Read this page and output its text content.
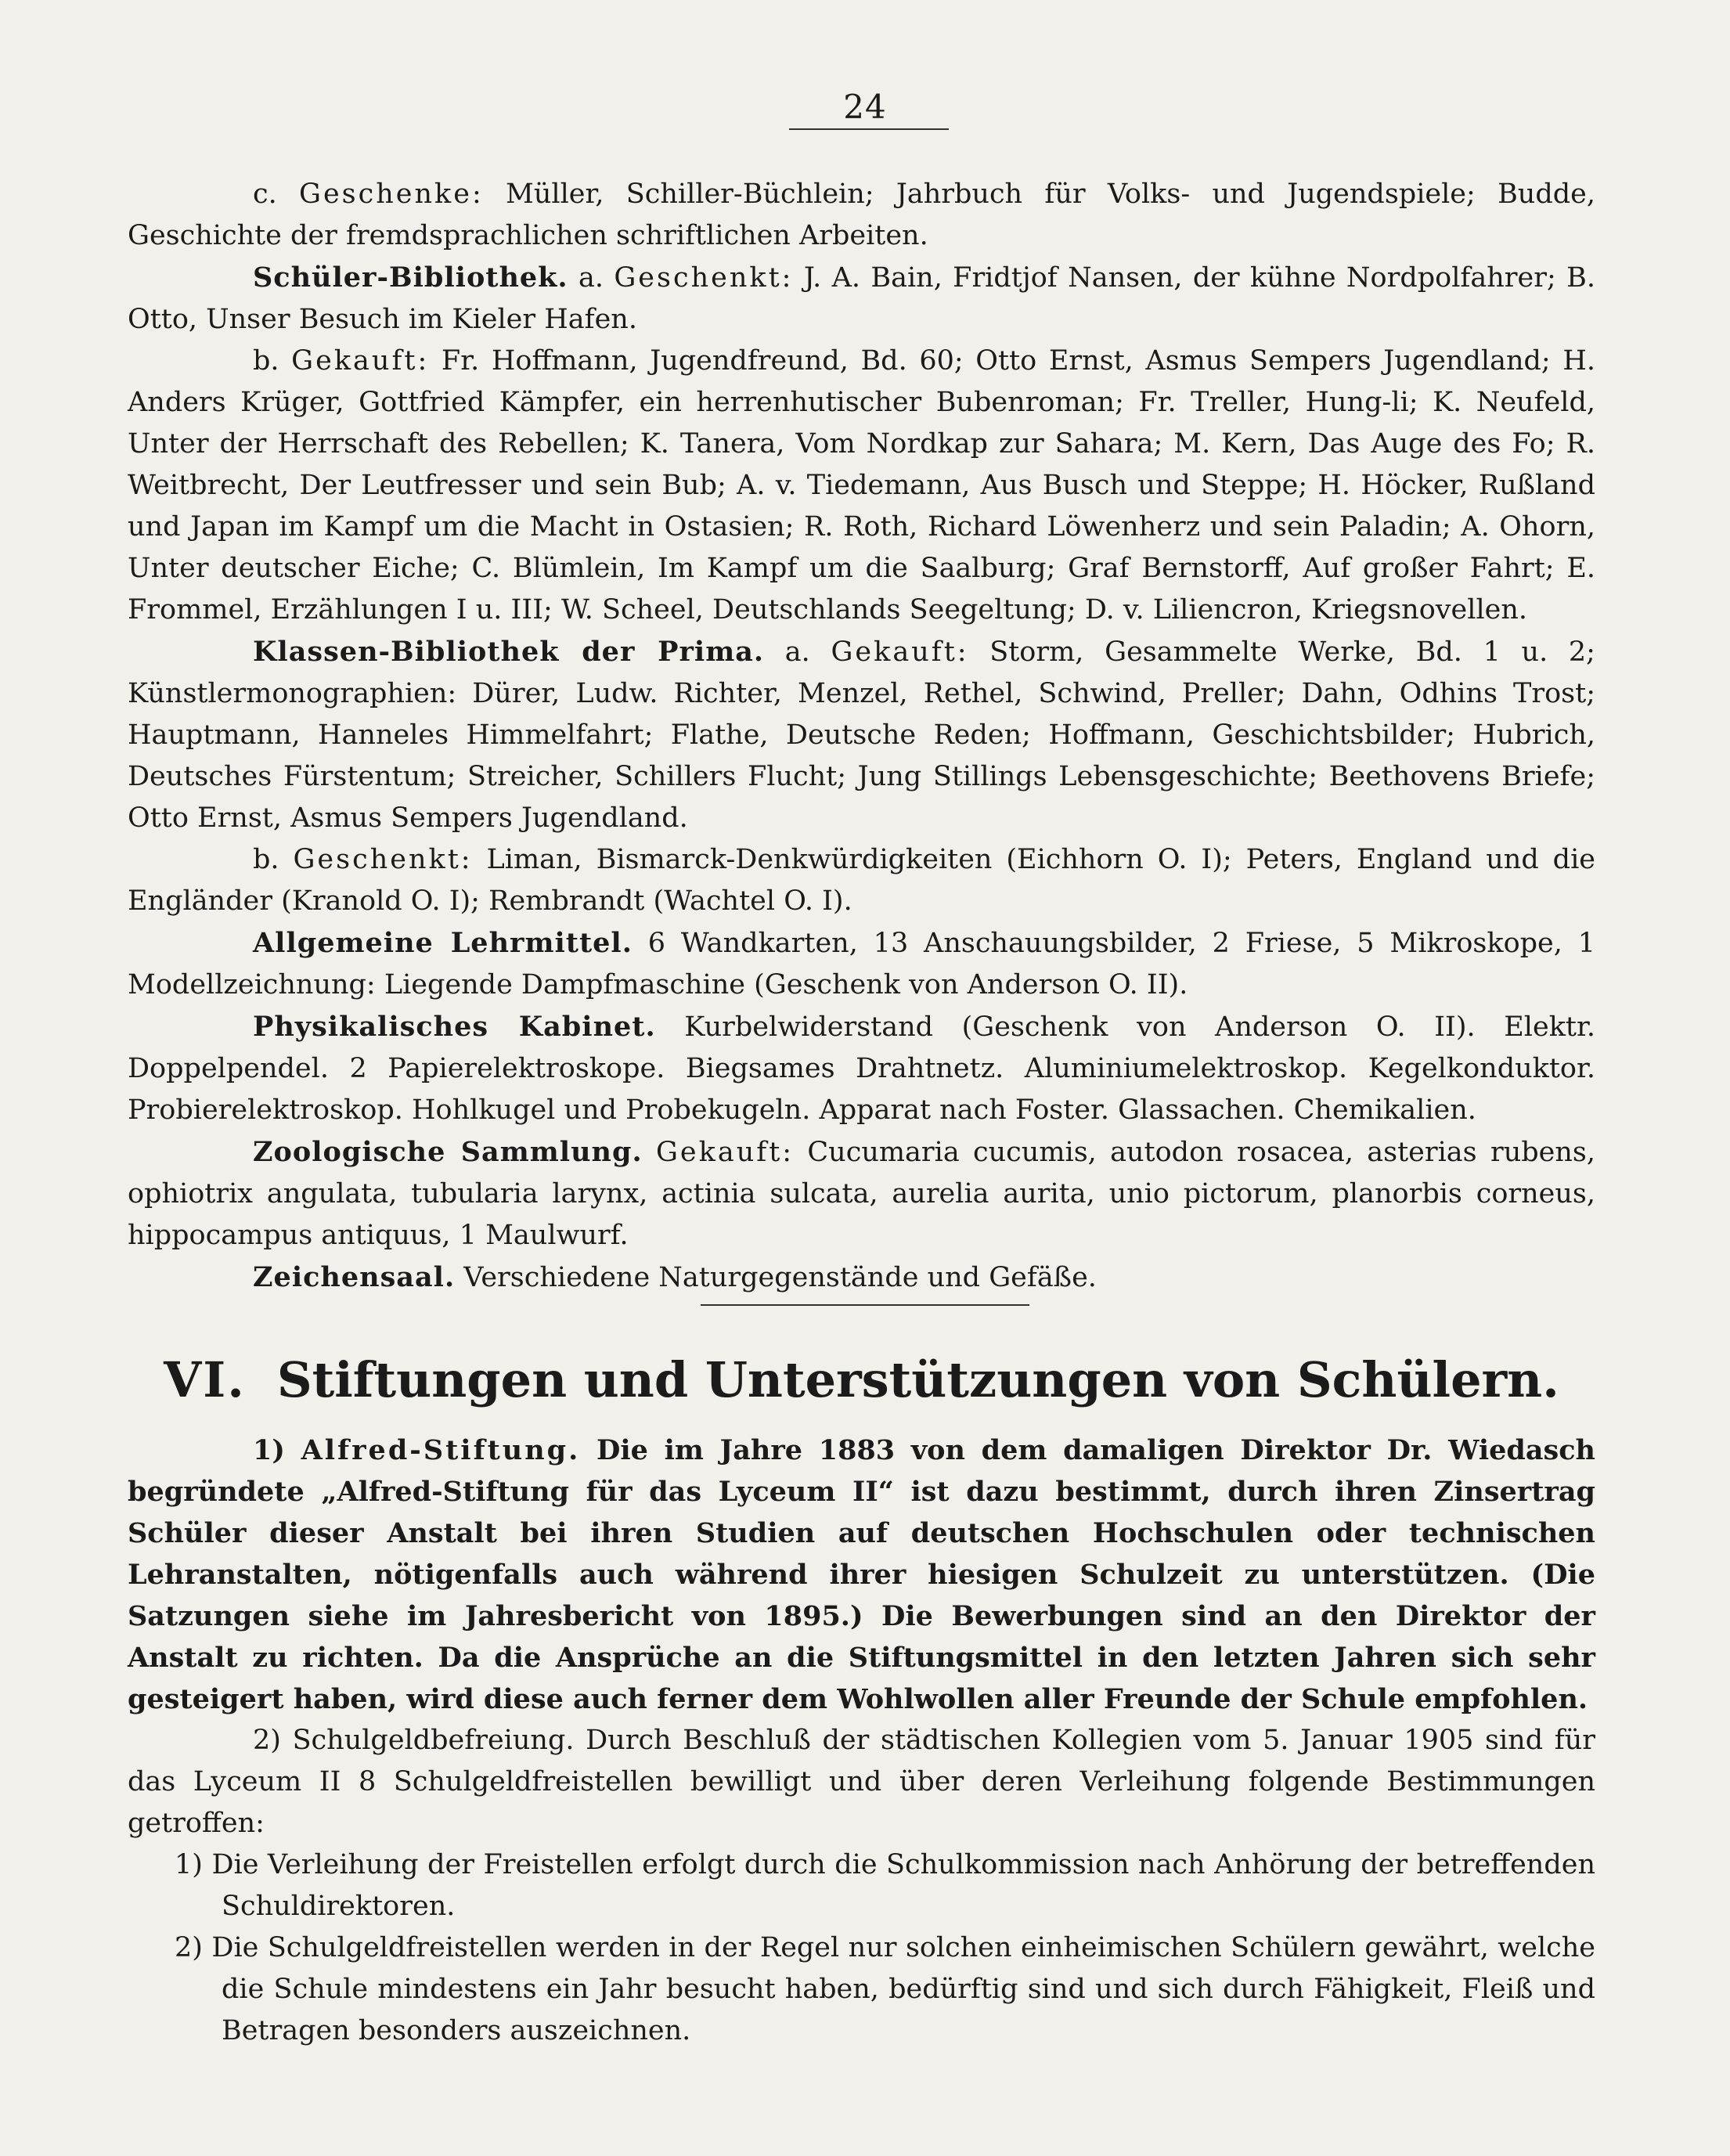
24

c. Geschenke: Müller, Schiller-Büchlein; Jahrbuch für Volks- und Jugendspiele; Budde, Geschichte der fremdsprachlichen schriftlichen Arbeiten.

Schüler-Bibliothek. a. Geschenkt: J. A. Bain, Fridtjof Nansen, der kühne Nordpolfahrer; B. Otto, Unser Besuch im Kieler Hafen.

b. Gekauft: Fr. Hoffmann, Jugendfreund, Bd. 60; Otto Ernst, Asmus Sempers Jugendland; H. Anders Krüger, Gottfried Kämpfer, ein herrenhutischer Bubenroman; Fr. Treller, Hung-li; K. Neufeld, Unter der Herrschaft des Rebellen; K. Tanera, Vom Nordkap zur Sahara; M. Kern, Das Auge des Fo; R. Weitbrecht, Der Leutfresser und sein Bub; A. v. Tiedemann, Aus Busch und Steppe; H. Höcker, Rußland und Japan im Kampf um die Macht in Ostasien; R. Roth, Richard Löwenherz und sein Paladin; A. Ohorn, Unter deutscher Eiche; C. Blümlein, Im Kampf um die Saalburg; Graf Bernstorff, Auf großer Fahrt; E. Frommel, Erzählungen I u. III; W. Scheel, Deutschlands Seegeltung; D. v. Liliencron, Kriegsnovellen.

Klassen-Bibliothek der Prima. a. Gekauft: Storm, Gesammelte Werke, Bd. 1 u. 2; Künstlermonographien: Dürer, Ludw. Richter, Menzel, Rethel, Schwind, Preller; Dahn, Odhins Trost; Hauptmann, Hanneles Himmelfahrt; Flathe, Deutsche Reden; Hoffmann, Geschichtsbilder; Hubrich, Deutsches Fürstentum; Streicher, Schillers Flucht; Jung Stillings Lebensgeschichte; Beethovens Briefe; Otto Ernst, Asmus Sempers Jugendland.

b. Geschenkt: Liman, Bismarck-Denkwürdigkeiten (Eichhorn O. I); Peters, England und die Engländer (Kranold O. I); Rembrandt (Wachtel O. I).

Allgemeine Lehrmittel. 6 Wandkarten, 13 Anschauungsbilder, 2 Friese, 5 Mikroskope, 1 Modellzeichnung: Liegende Dampfmaschine (Geschenk von Anderson O. II).

Physikalisches Kabinet. Kurbelwiderstand (Geschenk von Anderson O. II). Elektr. Doppelpendel. 2 Papierelektroskope. Biegsames Drahtnetz. Aluminiumelektroskop. Kegelkonduktor. Probierelektroskop. Hohlkugel und Probekugeln. Apparat nach Foster. Glassachen. Chemikalien.

Zoologische Sammlung. Gekauft: Cucumaria cucumis, autodon rosacea, asterias rubens, ophiotrix angulata, tubularia larynx, actinia sulcata, aurelia aurita, unio pictorum, planorbis corneus, hippocampus antiquus, 1 Maulwurf.

Zeichensaal. Verschiedene Naturgegenstände und Gefäße.

VI. Stiftungen und Unterstützungen von Schülern.

1) Alfred-Stiftung. Die im Jahre 1883 von dem damaligen Direktor Dr. Wiedasch begründete „Alfred-Stiftung für das Lyceum II“ ist dazu bestimmt, durch ihren Zinsertrag Schüler dieser Anstalt bei ihren Studien auf deutschen Hochschulen oder technischen Lehranstalten, nötigenfalls auch während ihrer hiesigen Schulzeit zu unterstützen. (Die Satzungen siehe im Jahresbericht von 1895.) Die Bewerbungen sind an den Direktor der Anstalt zu richten. Da die Ansprüche an die Stiftungsmittel in den letzten Jahren sich sehr gesteigert haben, wird diese auch ferner dem Wohlwollen aller Freunde der Schule empfohlen.

2) Schulgeldbefreiung. Durch Beschluß der städtischen Kollegien vom 5. Januar 1905 sind für das Lyceum II 8 Schulgeldfreistellen bewilligt und über deren Verleihung folgende Bestimmungen getroffen:

1) Die Verleihung der Freistellen erfolgt durch die Schulkommission nach Anhörung der betreffenden Schuldirektoren.

2) Die Schulgeldfreistellen werden in der Regel nur solchen einheimischen Schülern gewährt, welche die Schule mindestens ein Jahr besucht haben, bedürftig sind und sich durch Fähigkeit, Fleiß und Betragen besonders auszeichnen.
